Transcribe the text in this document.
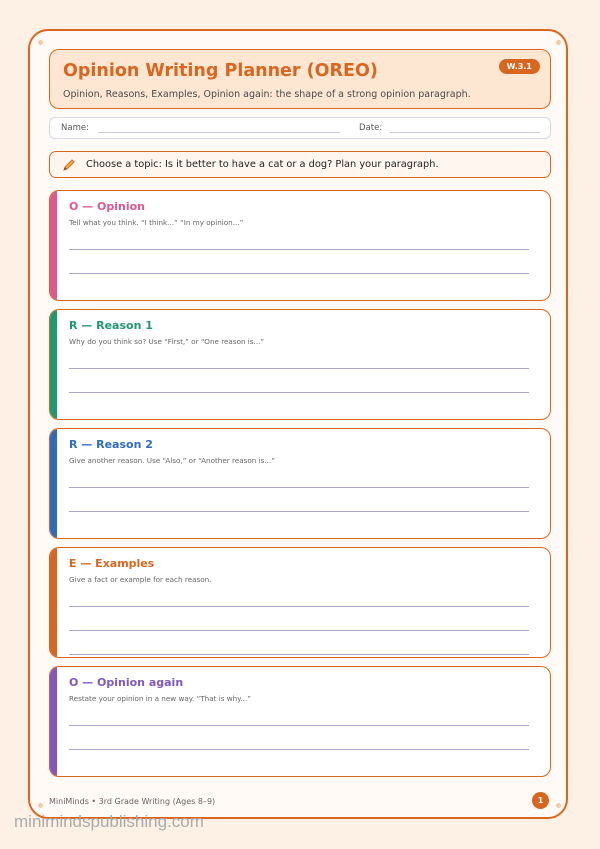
Opinion Writing Planner (OREO)
Opinion, Reasons, Examples, Opinion again: the shape of a strong opinion paragraph.
W.3.1
Name:	Date:
Choose a topic: Is it better to have a cat or a dog? Plan your paragraph.
O — Opinion
Tell what you think. “I think...” “In my opinion...”
R — Reason 1
Why do you think so? Use “First,” or “One reason is...”
R — Reason 2
Give another reason. Use “Also,” or “Another reason is...”
E — Examples
Give a fact or example for each reason.
O — Opinion again
Restate your opinion in a new way. “That is why...”
MiniMinds • 3rd Grade Writing (Ages 8–9)	1
minimindspublishing.com
